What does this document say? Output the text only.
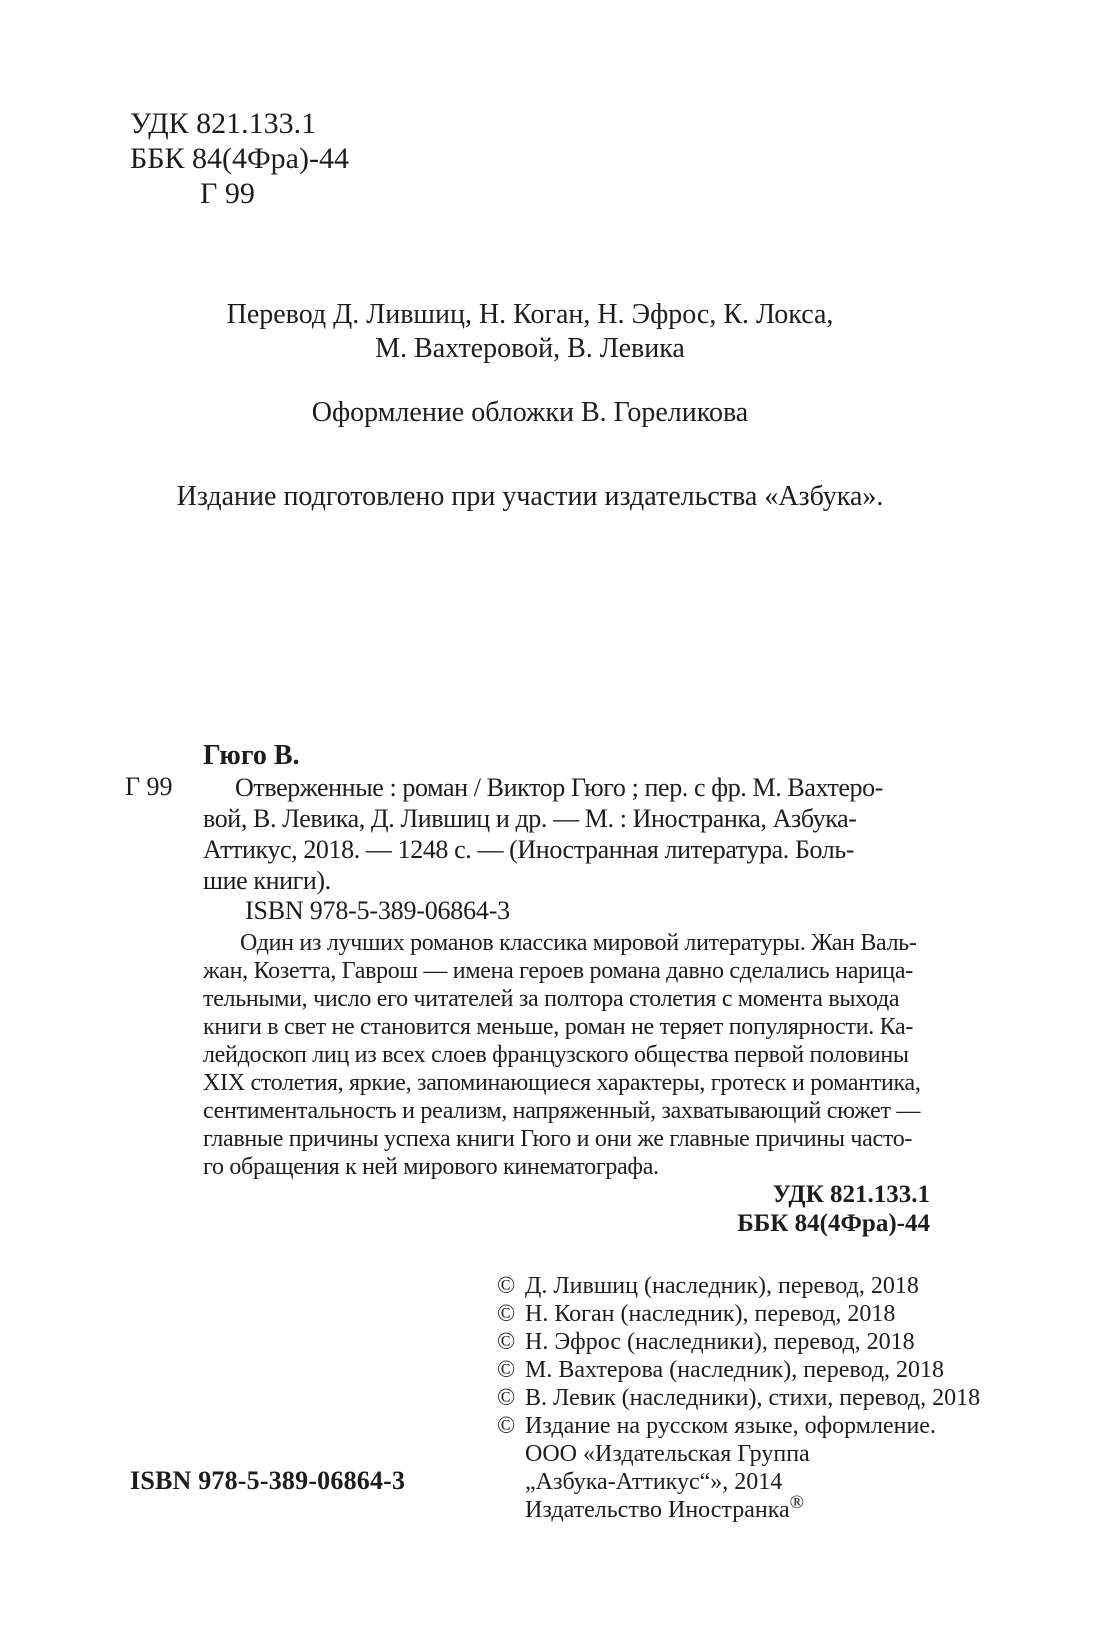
УДК 821.133.1
ББК 84(4Фра)-44
Г 99
Перевод Д. Лившиц, Н. Коган, Н. Эфрос, К. Локса,
М. Вахтеровой, В. Левика
Оформление обложки В. Гореликова
Издание подготовлено при участии издательства «Азбука».
Гюго В.
Г 99	Отверженные : роман / Виктор Гюго ; пер. с фр. М. Вахтеро-
вой, В. Левика, Д. Лившиц и др. — М. : Иностранка, Азбука-
Аттикус, 2018. — 1248 с. — (Иностранная литература. Боль-
шие книги).
ISBN 978-5-389-06864-3
Один из лучших романов классика мировой литературы. Жан Валь-
жан, Козетта, Гаврош — имена героев романа давно сделались нарица-
тельными, число его читателей за полтора столетия с момента выхода
книги в свет не становится меньше, роман не теряет популярности. Ка-
лейдоскоп лиц из всех слоев французского общества первой половины
XIX столетия, яркие, запоминающиеся характеры, гротеск и романтика,
сентиментальность и реализм, напряженный, захватывающий сюжет —
главные причины успеха книги Гюго и они же главные причины часто-
го обращения к ней мирового кинематографа.
УДК 821.133.1
ББК 84(4Фра)-44
© Д. Лившиц (наследник), перевод, 2018
© Н. Коган (наследник), перевод, 2018
© Н. Эфрос (наследники), перевод, 2018
© М. Вахтерова (наследник), перевод, 2018
© В. Левик (наследники), стихи, перевод, 2018
© Издание на русском языке, оформление.
ООО «Издательская Группа
„Азбука-Аттикус“», 2014
Издательство Иностранка®
ISBN 978-5-389-06864-3
